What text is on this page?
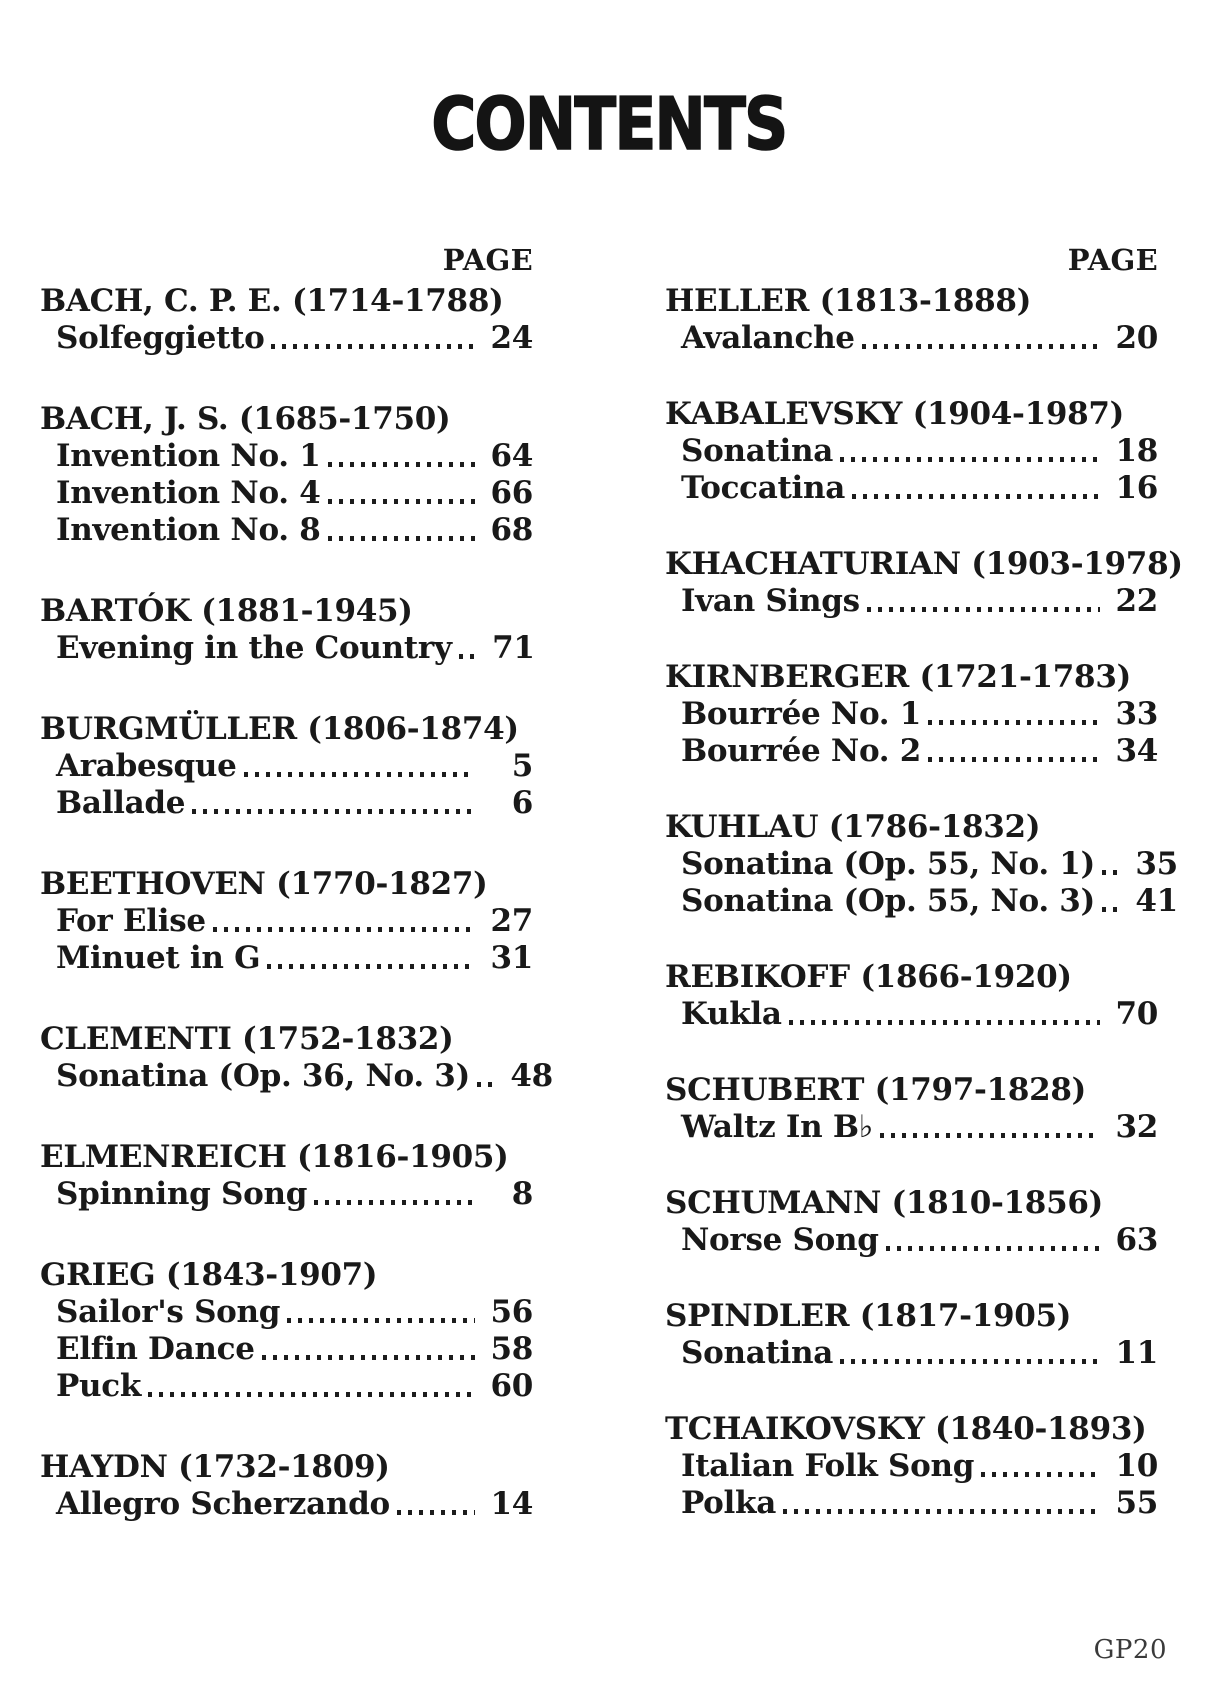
CONTENTS
PAGE
BACH, C. P. E. (1714-1788)
Solfeggietto	24
BACH, J. S. (1685-1750)
Invention No. 1	64
Invention No. 4	66
Invention No. 8	68
BARTÓK (1881-1945)
Evening in the Country 71
BURGMÜLLER (1806-1874)
Arabesque	5
Ballade	6
BEETHOVEN (1770-1827)
For Elise	27
Minuet in G	31
CLEMENTI (1752-1832)
Sonatina (Op. 36, No. 3) 48
ELMENREICH (1816-1905)
Spinning Song	8
GRIEG (1843-1907)
Sailor's Song	56
Elfin Dance	58
Puck	60
HAYDN (1732-1809)
Allegro Scherzando	14
PAGE
HELLER (1813-1888)
Avalanche	20
KABALEVSKY (1904-1987)
Sonatina	18
Toccatina	16
KHACHATURIAN (1903-1978)
Ivan Sings	22
KIRNBERGER (1721-1783)
Bourrée No. 1	33
Bourrée No. 2	34
KUHLAU (1786-1832)
Sonatina (Op. 55, No. 1) 35
Sonatina (Op. 55, No. 3) 41
REBIKOFF (1866-1920)
Kukla	70
SCHUBERT (1797-1828)
Waltz In B♭	32
SCHUMANN (1810-1856)
Norse Song	63
SPINDLER (1817-1905)
Sonatina	11
TCHAIKOVSKY (1840-1893)
Italian Folk Song	10
Polka	55
GP20
